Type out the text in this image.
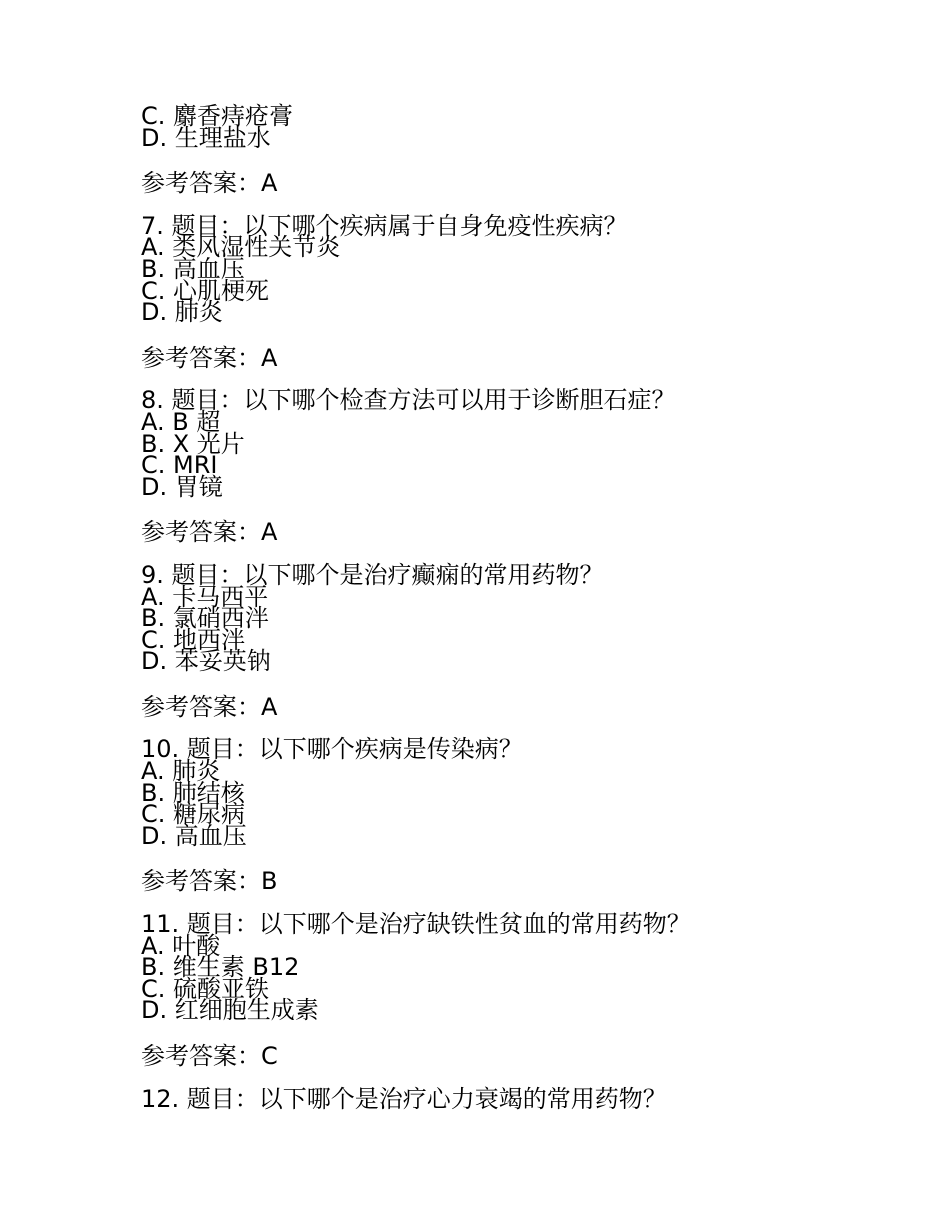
C. 麝香痔疮膏

D. 生理盐水

参考答案：A

7. 题目：以下哪个疾病属于自身免疫性疾病？

A. 类风湿性关节炎

B. 高血压

C. 心肌梗死

D. 肺炎

参考答案：A

8. 题目：以下哪个检查方法可以用于诊断胆石症？

A. B 超

B. X 光片

C. MRI

D. 胃镜

参考答案：A

9. 题目：以下哪个是治疗癫痫的常用药物？

A. 卡马西平

B. 氯硝西泮

C. 地西泮

D. 苯妥英钠

参考答案：A

10. 题目：以下哪个疾病是传染病？

A. 肺炎

B. 肺结核

C. 糖尿病

D. 高血压

参考答案：B

11. 题目：以下哪个是治疗缺铁性贫血的常用药物？

A. 叶酸

B. 维生素 B12

C. 硫酸亚铁

D. 红细胞生成素

参考答案：C

12. 题目：以下哪个是治疗心力衰竭的常用药物？
